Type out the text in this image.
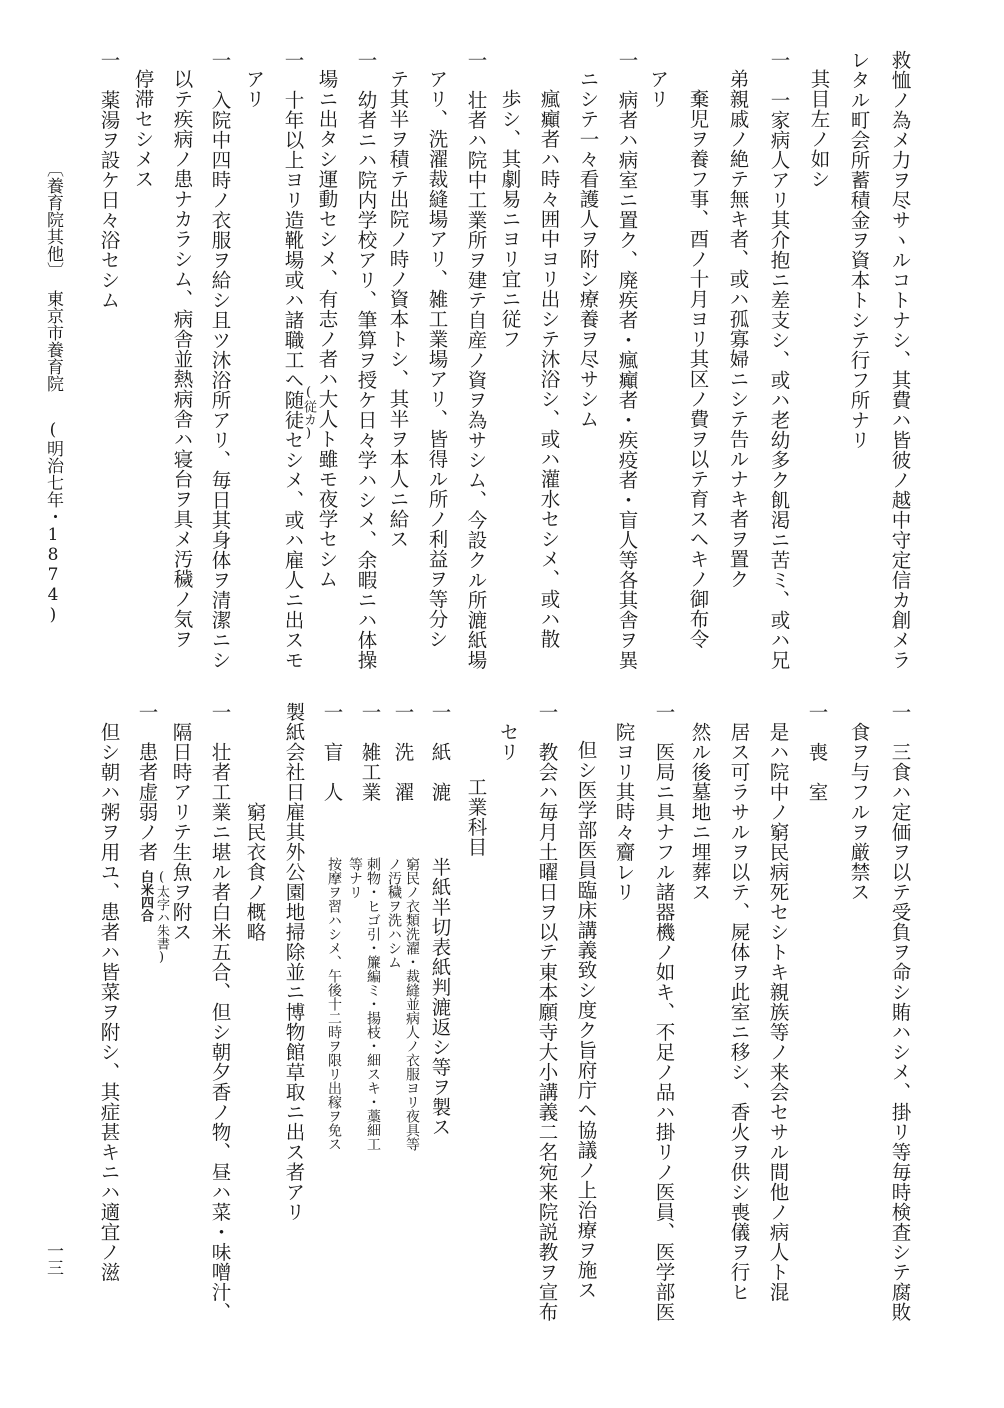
救恤ノ為メ力ヲ尽サヽルコトナシ、其費ハ皆彼ノ越中守定信カ創メラ
レタル町会所蓄積金ヲ資本トシテ行フ所ナリ
其目左ノ如シ
一　一家病人アリ其介抱ニ差支シ、或ハ老幼多ク飢渇ニ苦ミ、或ハ兄
弟親戚ノ絶テ無キ者、或ハ孤寡婦ニシテ告ルナキ者ヲ置ク
棄児ヲ養フ事、酉ノ十月ヨリ其区ノ費ヲ以テ育スヘキノ御布令
アリ
一　病者ハ病室ニ置ク、廃疾者・瘋癲者・疾疫者・盲人等各其舎ヲ異
ニシテ一々看護人ヲ附シ療養ヲ尽サシム
瘋癲者ハ時々囲中ヨリ出シテ沐浴シ、或ハ灌水セシメ、或ハ散
歩シ、其劇易ニヨリ宜ニ従フ
一　壮者ハ院中工業所ヲ建テ自産ノ資ヲ為サシム、今設クル所漉紙場
アリ、洗濯裁縫場アリ、雑工業場アリ、皆得ル所ノ利益ヲ等分シ
テ其半ヲ積テ出院ノ時ノ資本トシ、其半ヲ本人ニ給ス
一　幼者ニハ院内学校アリ、筆算ヲ授ケ日々学ハシメ、余暇ニハ体操
場ニ出タシ運動セシメ、有志ノ者ハ大人ト雖モ夜学セシム
一　十年以上ヨリ造靴場或ハ諸職工ヘ随徒セシメ、或ハ雇人ニ出スモ
(従カ)
アリ
一　入院中四時ノ衣服ヲ給シ且ツ沐浴所アリ、毎日其身体ヲ清潔ニシ
以テ疾病ノ患ナカラシム、病舎並熱病舎ハ寝台ヲ具メ汚穢ノ気ヲ
停滞セシメス
一　薬湯ヲ設ケ日々浴セシム
一　三食ハ定価ヲ以テ受負ヲ命シ賄ハシメ、掛リ等毎時検査シテ腐敗
食ヲ与フルヲ厳禁ス
一　喪　室
是ハ院中ノ窮民病死セシトキ親族等ノ来会セサル間他ノ病人ト混
居ス可ラサルヲ以テ、屍体ヲ此室ニ移シ、香火ヲ供シ喪儀ヲ行ヒ
然ル後墓地ニ埋葬ス
一　医局ニ具ナフル諸器機ノ如キ、不足ノ品ハ掛リノ医員、医学部医
院ヨリ其時々齎レリ
但シ医学部医員臨床講義致シ度ク旨府庁ヘ協議ノ上治療ヲ施ス
一　教会ハ毎月土曜日ヲ以テ東本願寺大小講義二名宛来院説教ヲ宣布
セリ
工業科目
一　紙　漉
半紙半切表紙判漉返シ等ヲ製ス
一　洗　濯
窮民ノ衣類洗濯・裁縫並病人ノ衣服ヨリ夜具等
ノ汚穢ヲ洗ハシム
一　雑工業
刺物・ヒゴ引・簾編ミ・揚枝・細スキ・藁細工
等ナリ
一　盲　人
按摩ヲ習ハシメ、午後十二時ヲ限リ出稼ヲ免ス
製紙会社日雇其外公園地掃除並ニ博物館草取ニ出ス者アリ
窮民衣食ノ概略
一　壮者工業ニ堪ル者白米五合、但シ朝夕香ノ物、昼ハ菜・味噌汁、
隔日時アリテ生魚ヲ附ス
(太字ハ朱書)
白米四合
一　患者虚弱ノ者
但シ朝ハ粥ヲ用ユ、患者ハ皆菜ヲ附シ、其症甚キニハ適宜ノ滋
〔養育院其他〕
東京市養育院
(明治七年・1874)
一三
